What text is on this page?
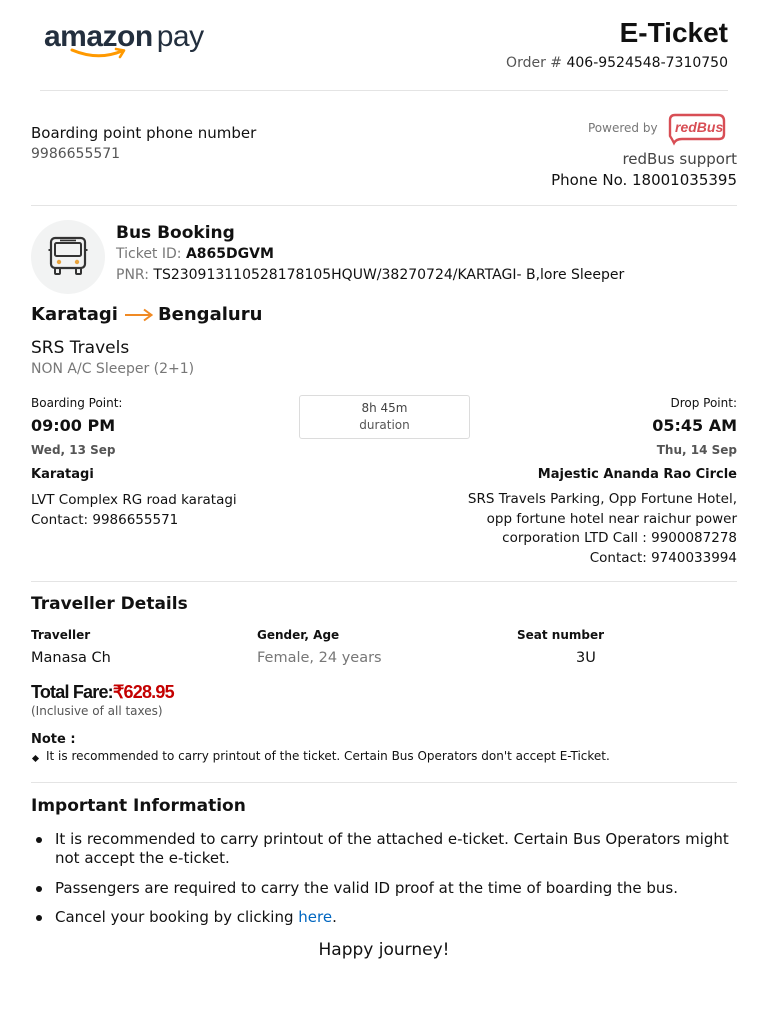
amazon pay	E-Ticket
Order # 406-9524548-7310750
Boarding point phone number
9986655571
Powered by redBus
redBus support
Phone No. 18001035395
Bus Booking
Ticket ID: A865DGVM
PNR: TS230913110528178105HQUW/38270724/KARTAGI- B,lore Sleeper
Karatagi Bengaluru
SRS Travels
NON A/C Sleeper (2+1)
Boarding Point:	Drop Point:
8h 45m
duration
09:00 PM	05:45 AM
Wed, 13 Sep	Thu, 14 Sep
Karatagi	Majestic Ananda Rao Circle
LVT Complex RG road karatagi
Contact: 9986655571
SRS Travels Parking, Opp Fortune Hotel,
opp fortune hotel near raichur power
corporation LTD Call : 9900087278
Contact: 9740033994
Traveller Details
Traveller	Gender, Age	Seat number
Manasa Ch	Female, 24 years	3U
Total Fare:₹628.95
(Inclusive of all taxes)
Note :
It is recommended to carry printout of the ticket. Certain Bus Operators don't accept E-Ticket.
Important Information
It is recommended to carry printout of the attached e-ticket. Certain Bus Operators might not accept the e-ticket.
Passengers are required to carry the valid ID proof at the time of boarding the bus.
Cancel your booking by clicking here.
Happy journey!
